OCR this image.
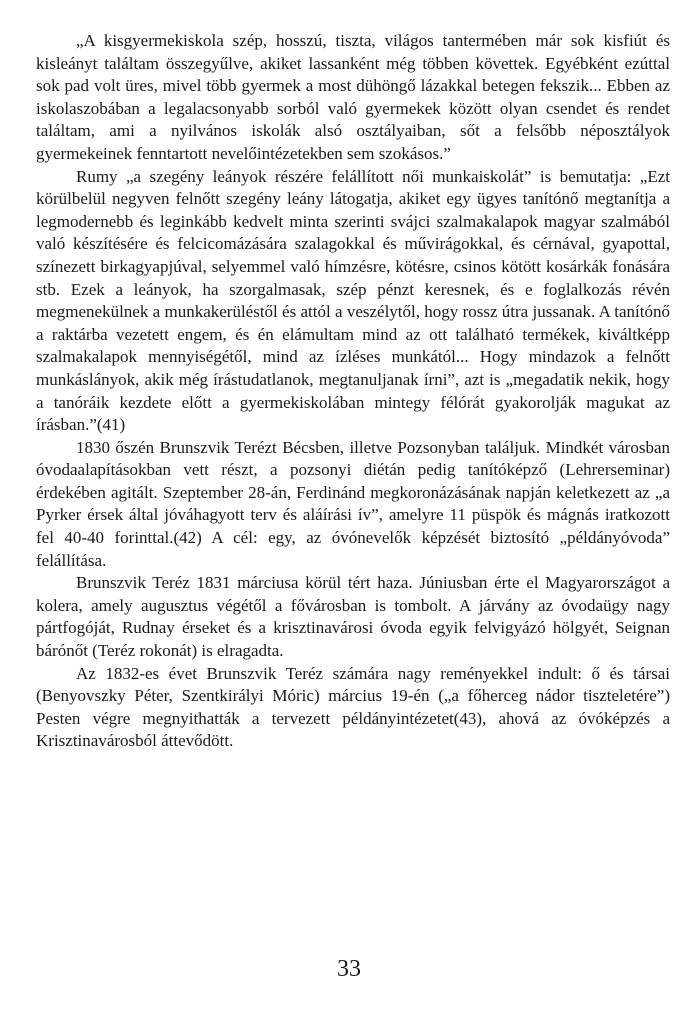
„A kisgyermekiskola szép, hosszú, tiszta, világos tantermében már sok kisfiút és kisleányt találtam összegyűlve, akiket lassanként még többen követtek. Egyébként ezúttal sok pad volt üres, mivel több gyermek a most dühöngő lázakkal betegen fekszik... Ebben az iskolaszobában a legalacsonyabb sorból való gyermekek között olyan csendet és rendet találtam, ami a nyilvános iskolák alsó osztályaiban, sőt a felsőbb néposztályok gyermekeinek fenntartott nevelőintézetekben sem szokásos.”

Rumy „a szegény leányok részére felállított női munkaiskolát” is bemutatja: „Ezt körülbelül negyven felnőtt szegény leány látogatja, akiket egy ügyes tanítónő megtanítja a legmodernebb és leginkább kedvelt minta szerinti svájci szalmakalapok magyar szalmából való készítésére és felcicomázására szalagokkal és művirágokkal, és cérnával, gyapottal, színezett birkagyapjúval, selyemmel való hímzésre, kötésre, csinos kötött kosárkák fonására stb. Ezek a leányok, ha szorgalmasak, szép pénzt keresnek, és e foglalkozás révén megmenekülnek a munkakerüléstől és attól a veszélytől, hogy rossz útra jussanak. A tanítónő a raktárba vezetett engem, és én elámultam mind az ott található termékek, kiváltképp szalmakalapok mennyiségétől, mind az ízléses munkától... Hogy mindazok a felnőtt munkáslányok, akik még írástudatlanok, megtanuljanak írni”, azt is „megadatik nekik, hogy a tanóráik kezdete előtt a gyermekiskolában mintegy félórát gyakorolják magukat az írásban.”(41)

1830 őszén Brunszvik Terézt Bécsben, illetve Pozsonyban találjuk. Mindkét városban óvodaalapításokban vett részt, a pozsonyi diétán pedig tanítóképző (Lehrerseminar) érdekében agitált. Szeptember 28-án, Ferdinánd megkoronázásának napján keletkezett az „a Pyrker érsek által jóváhagyott terv és aláírási ív”, amelyre 11 püspök és mágnás iratkozott fel 40-40 forinttal.(42) A cél: egy, az óvónevelők képzését biztosító „példányóvoda” felállítása.

Brunszvik Teréz 1831 márciusa körül tért haza. Júniusban érte el Magyarországot a kolera, amely augusztus végétől a fővárosban is tombolt. A járvány az óvodaügy nagy pártfogóját, Rudnay érseket és a krisztinavárosi óvoda egyik felvigyázó hölgyét, Seignan bárónőt (Teréz rokonát) is elragadta.

Az 1832-es évet Brunszvik Teréz számára nagy reményekkel indult: ő és társai (Benyovszky Péter, Szentkirályi Móric) március 19-én („a főherceg nádor tiszteletére”) Pesten végre megnyithatták a tervezett példányintézetet(43), ahová az óvóképzés a Krisztinavárosból áttevődött.

33
